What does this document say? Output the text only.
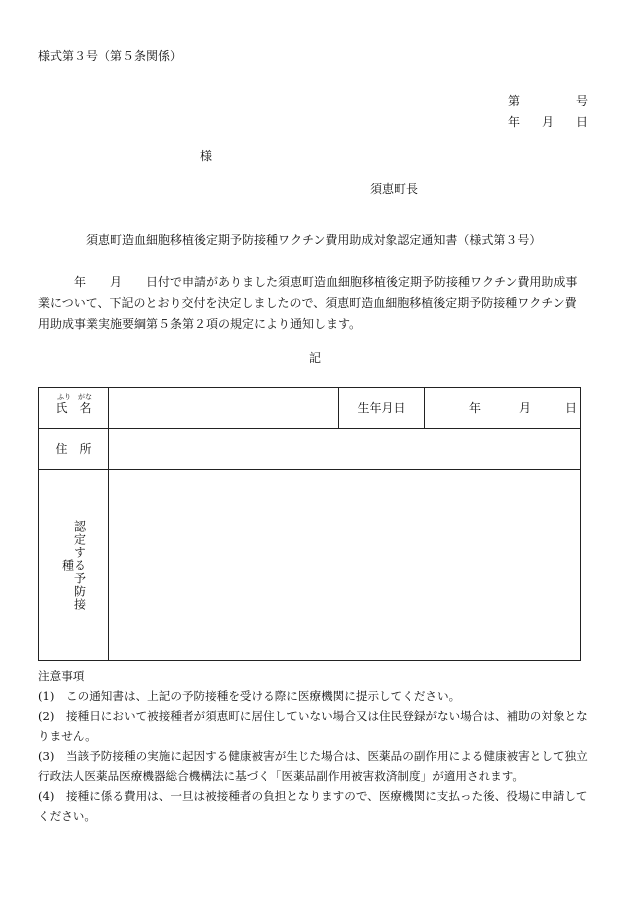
様式第３号（第５条関係）
第	号
年 月 日
様
須恵町長
須恵町造血細胞移植後定期予防接種ワクチン費用助成対象認定通知書（様式第３号）

　　　年　　月　　日付で申請がありました須恵町造血細胞移植後定期予防接種ワクチン費用助成事業について、下記のとおり交付を決定しましたので、須恵町造血細胞移植後定期予防接種ワクチン費用助成事業実施要綱第５条第２項の規定により通知します。

記
ふり がな
氏　 名		生年月日	年 月 日

住　所			

認定する予防接種			

注意事項
(1)　この通知書は、上記の予防接種を受ける際に医療機関に提示してください。
(2)　接種日において被接種者が須恵町に居住していない場合又は住民登録がない場合は、補助の対象となりません。
(3)　当該予防接種の実施に起因する健康被害が生じた場合は、医薬品の副作用による健康被害として独立行政法人医薬品医療機器総合機構法に基づく「医薬品副作用被害救済制度」が適用されます。
(4)　接種に係る費用は、一旦は被接種者の負担となりますので、医療機関に支払った後、役場に申請してください。
